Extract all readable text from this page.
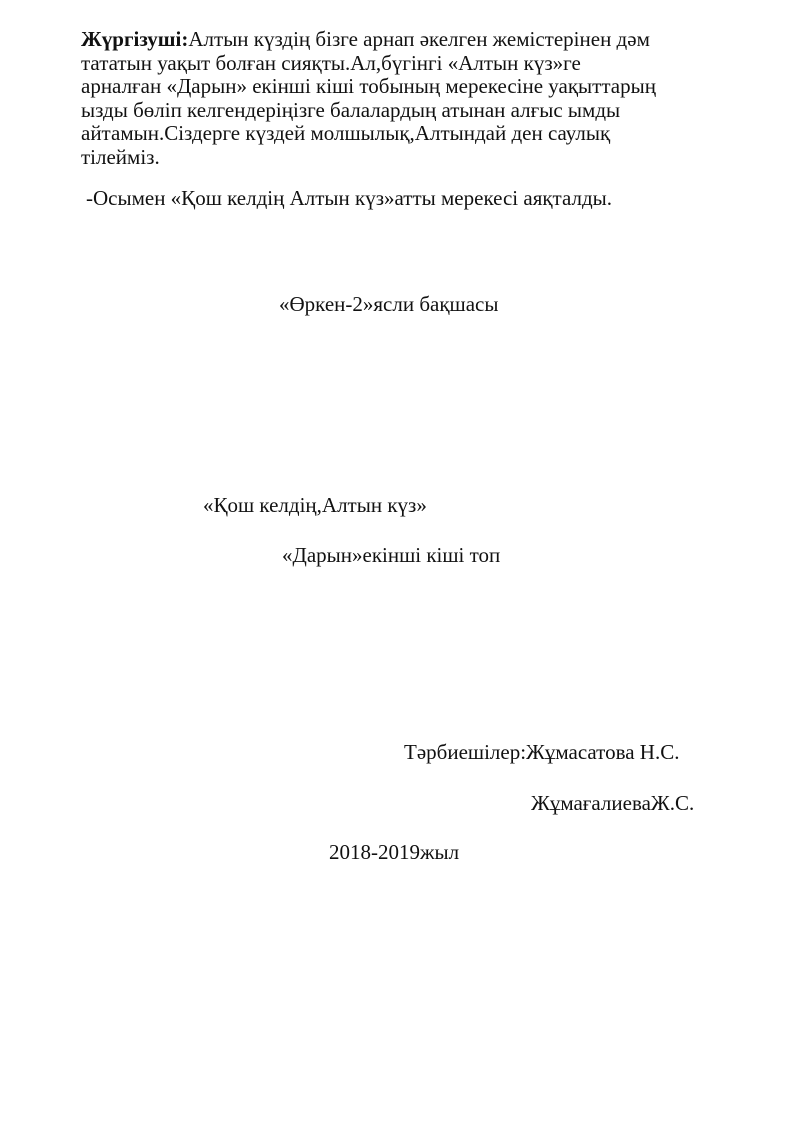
Жүргізуші:Алтын күздің бізге арнап әкелген жемістерінен дәм
тататын уақыт болған сияқты.Ал,бүгінгі «Алтын күз»ге
арналған «Дарын» екінші кіші тобының мерекесіне уақыттарың
ызды бөліп келгендеріңізге балалардың атынан алғыс ымды
айтамын.Сіздерге күздей молшылық,Алтындай ден саулық
тілейміз.
-Осымен «Қош келдің Алтын күз»атты мерекесі аяқталды.
«Өркен-2»ясли бақшасы
«Қош келдің,Алтын күз»
«Дарын»екінші кіші топ
Тәрбиешілер:Жұмасатова Н.С.
ЖұмағалиеваЖ.С.
2018-2019жыл
